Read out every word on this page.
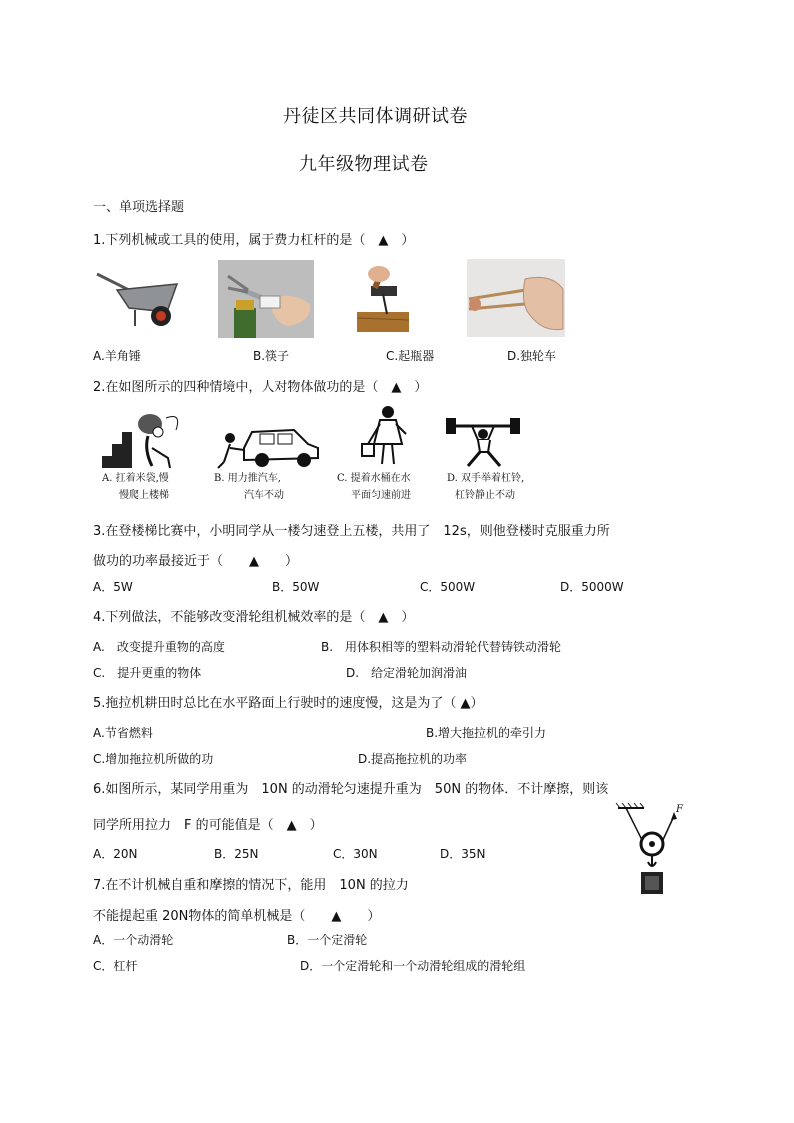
丹徒区共同体调研试卷
九年级物理试卷
一、单项选择题
1.下列机械或工具的使用，属于费力杠杆的是（　▲　）
A.羊角锤	B.筷子	C.起瓶器	D.独轮车
2.在如图所示的四种情境中，人对物体做功的是（　▲　）
A. 扛着米袋,慢
慢爬上楼梯
B. 用力推汽车,
汽车不动
C. 提着水桶在水
平面匀速前进
D. 双手举着杠铃,
杠铃静止不动
3.在登楼梯比赛中，小明同学从一楼匀速登上五楼，共用了　12s，则他登楼时克服重力所
做功的功率最接近于（　　▲　　）
A．5W	B．50W	C．500W	D．5000W
4.下列做法，不能够改变滑轮组机械效率的是（　▲　）
A.　改变提升重物的高度	B.　用体积相等的塑料动滑轮代替铸铁动滑轮
C.　提升更重的物体	D.　给定滑轮加润滑油
5.拖拉机耕田时总比在水平路面上行驶时的速度慢，这是为了（ ▲）
A.节省燃料	B.增大拖拉机的牵引力
C.增加拖拉机所做的功	D.提高拖拉机的功率
6.如图所示，某同学用重为　10N 的动滑轮匀速提升重为　50N 的物体．不计摩擦，则该
同学所用拉力　F 的可能值是（　▲　）
A．20N	B．25N	C．30N	D．35N
F
7.在不计机械自重和摩擦的情况下，能用　10N 的拉力
不能提起重 20N物体的简单机械是（　　▲　　）
A．一个动滑轮	B．一个定滑轮
C．杠杆	D．一个定滑轮和一个动滑轮组成的滑轮组
